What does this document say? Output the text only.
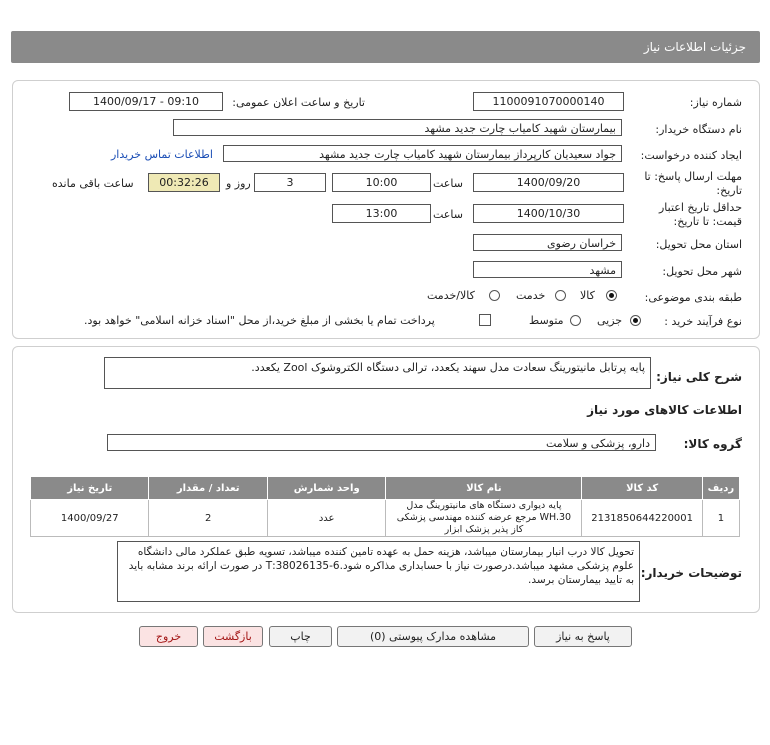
جزئیات اطلاعات نیاز
شماره نیاز:
1100091070000140
تاریخ و ساعت اعلان عمومی:
1400/09/17 - 09:10
نام دستگاه خریدار:
بیمارستان شهید کامیاب چارت جدید مشهد
ایجاد کننده درخواست:
جواد سعیدیان کارپرداز بیمارستان شهید کامیاب چارت جدید مشهد
اطلاعات تماس خریدار
مهلت ارسال پاسخ: تا
تاریخ:
1400/09/20
ساعت
10:00
3
روز و
00:32:26
ساعت باقی مانده
حداقل تاریخ اعتبار
قیمت: تا تاریخ:
1400/10/30
ساعت
13:00
استان محل تحویل:
خراسان رضوی
شهر محل تحویل:
مشهد
طبقه بندی موضوعی:
کالا
خدمت
کالا/خدمت
نوع فرآیند خرید :
جزیی
متوسط
پرداخت تمام یا بخشی از مبلغ خرید،از محل "اسناد خزانه اسلامی" خواهد بود.
شرح کلی نیاز:
پایه پرتابل مانیتورینگ سعادت مدل سهند یکعدد، ترالی دستگاه الکتروشوک Zool یکعدد.
اطلاعات کالاهای مورد نیاز
گروه کالا:
دارو، پزشکی و سلامت
ردیف	کد کالا	نام کالا	واحد شمارش	تعداد / مقدار	تاریخ نیاز
1	2131850644220001	پایه دیواری دستگاه های مانیتورینگ مدل WH.30 مرجع عرضه کننده مهندسی پزشکی کاز پذیر پزشک ابزار	عدد	2	1400/09/27
توضیحات خریدار:
تحویل کالا درب انبار بیمارستان میباشد، هزینه حمل به عهده تامین کننده میباشد، تسویه طبق عملکرد مالی دانشگاه علوم پزشکی مشهد میباشد.درصورت نیاز با حسابداری مذاکره شود.6-38026135:T در صورت ارائه برند مشابه باید به تایید بیمارستان برسد.
پاسخ به نیاز
مشاهده مدارک پیوستی (0)
چاپ
بازگشت
خروج
